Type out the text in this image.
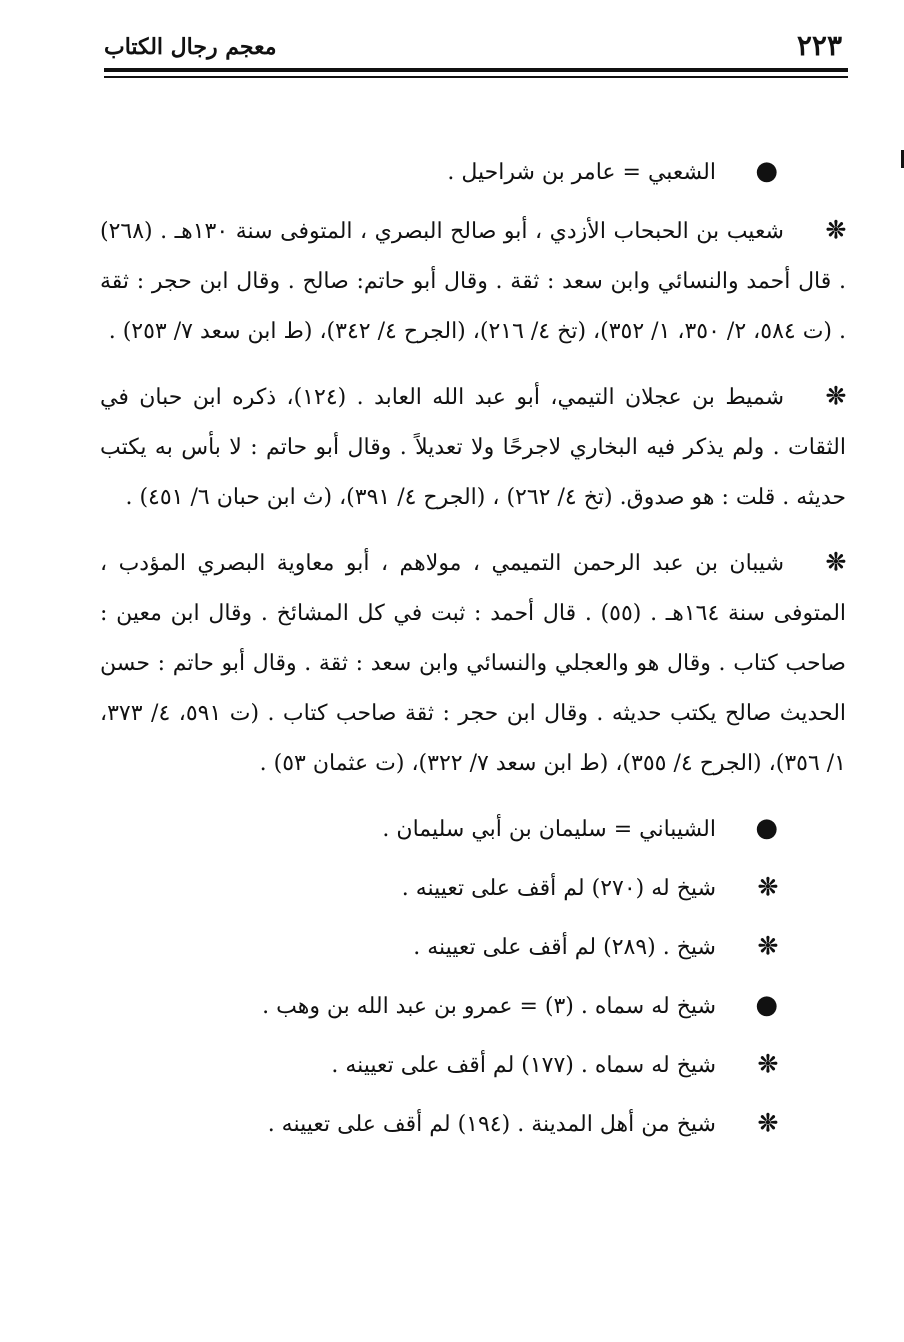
٢٢٣
معجم رجال الكتاب
●الشعبي = عامر بن شراحيل .
❊شعيب بن الحبحاب الأزدي ، أبو صالح البصري ، المتوفى سنة ١٣٠هـ . (٢٦٨) . قال أحمد والنسائي وابن سعد : ثقة . وقال أبو حاتم: صالح . وقال ابن حجر : ثقة . (ت ٥٨٤، ٢/ ٣٥٠، ١/ ٣٥٢)، (تخ ٤/ ٢١٦)، (الجرح ٤/ ٣٤٢)، (ط ابن سعد ٧/ ٢٥٣) .
❊شميط بن عجلان التيمي، أبو عبد الله العابد . (١٢٤)، ذكره ابن حبان في الثقات . ولم يذكر فيه البخاري لاجرحًا ولا تعديلاً . وقال أبو حاتم : لا بأس به يكتب حديثه . قلت : هو صدوق. (تخ ٤/ ٢٦٢) ، (الجرح ٤/ ٣٩١)، (ث ابن حبان ٦/ ٤٥١) .
❊شيبان بن عبد الرحمن التميمي ، مولاهم ، أبو معاوية البصري المؤدب ، المتوفى سنة ١٦٤هـ . (٥٥) . قال أحمد : ثبت في كل المشائخ . وقال ابن معين : صاحب كتاب . وقال هو والعجلي والنسائي وابن سعد : ثقة . وقال أبو حاتم : حسن الحديث صالح يكتب حديثه . وقال ابن حجر : ثقة صاحب كتاب . (ت ٥٩١، ٤/ ٣٧٣، ١/ ٣٥٦)، (الجرح ٤/ ٣٥٥)، (ط ابن سعد ٧/ ٣٢٢)، (ت عثمان ٥٣) .
●الشيباني = سليمان بن أبي سليمان .
❊شيخ له (٢٧٠) لم أقف على تعيينه .
❊شيخ . (٢٨٩) لم أقف على تعيينه .
●شيخ له سماه . (٣) = عمرو بن عبد الله بن وهب .
❊شيخ له سماه . (١٧٧) لم أقف على تعيينه .
❊شيخ من أهل المدينة . (١٩٤) لم أقف على تعيينه .
